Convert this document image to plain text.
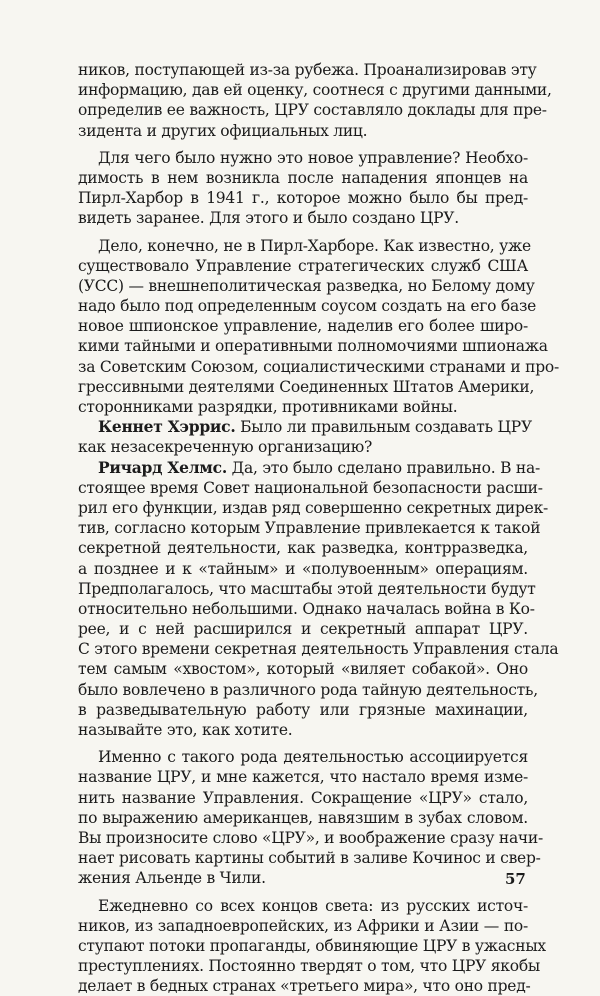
ников, поступающей из-за рубежа. Проанализировав эту
информацию, дав ей оценку, соотнеся с другими данными,
определив ее важность, ЦРУ составляло доклады для пре-
зидента и других официальных лиц.
Для чего было нужно это новое управление? Необхо-
димость в нем возникла после нападения японцев на
Пирл-Харбор в 1941 г., которое можно было бы пред-
видеть заранее. Для этого и было создано ЦРУ.
Дело, конечно, не в Пирл-Харборе. Как известно, уже
существовало Управление стратегических служб США
(УСС) — внешнеполитическая разведка, но Белому дому
надо было под определенным соусом создать на его базе
новое шпионское управление, наделив его более широ-
кими тайными и оперативными полномочиями шпионажа
за Советским Союзом, социалистическими странами и про-
грессивными деятелями Соединенных Штатов Америки,
сторонниками разрядки, противниками войны.
Кеннет Хэррис. Было ли правильным создавать ЦРУ
как незасекреченную организацию?
Ричард Хелмс. Да, это было сделано правильно. В на-
стоящее время Совет национальной безопасности расши-
рил его функции, издав ряд совершенно секретных дирек-
тив, согласно которым Управление привлекается к такой
секретной деятельности, как разведка, контрразведка,
а позднее и к «тайным» и «полувоенным» операциям.
Предполагалось, что масштабы этой деятельности будут
относительно небольшими. Однако началась война в Ко-
рее, и с ней расширился и секретный аппарат ЦРУ.
С этого времени секретная деятельность Управления стала
тем самым «хвостом», который «виляет собакой». Оно
было вовлечено в различного рода тайную деятельность,
в разведывательную работу или грязные махинации,
называйте это, как хотите.
Именно с такого рода деятельностью ассоциируется
название ЦРУ, и мне кажется, что настало время изме-
нить название Управления. Сокращение «ЦРУ» стало,
по выражению американцев, навязшим в зубах словом.
Вы произносите слово «ЦРУ», и воображение сразу начи-
нает рисовать картины событий в заливе Кочинос и свер-
жения Альенде в Чили.
Ежедневно со всех концов света: из русских источ-
ников, из западноевропейских, из Африки и Азии — по-
ступают потоки пропаганды, обвиняющие ЦРУ в ужасных
преступлениях. Постоянно твердят о том, что ЦРУ якобы
делает в бедных странах «третьего мира», что оно пред-
57
